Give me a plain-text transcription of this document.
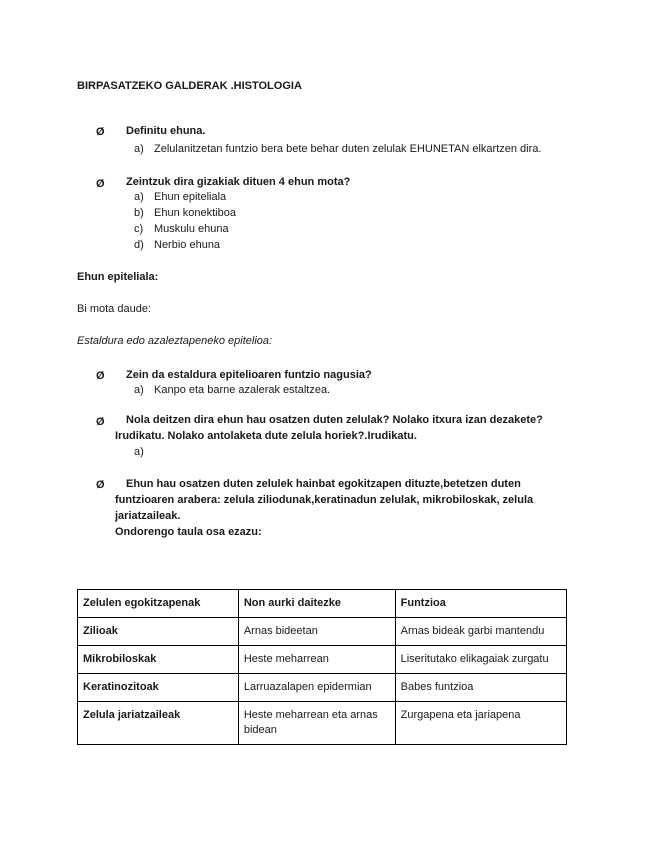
BIRPASATZEKO GALDERAK .HISTOLOGIA
Ø Definitu ehuna.
a) Zelulanitzetan funtzio bera bete behar duten zelulak EHUNETAN elkartzen dira.
Ø Zeintzuk dira gizakiak dituen 4 ehun mota?
a) Ehun epiteliala
b) Ehun konektiboa
c) Muskulu ehuna
d) Nerbio ehuna
Ehun epiteliala:
Bi mota daude:
Estaldura edo azaleztapeneko epitelioa:
Ø Zein da estaldura epitelioaren funtzio nagusia?
a) Kanpo eta barne azalerak estaltzea.
Ø Nola deitzen dira ehun hau osatzen duten zelulak? Nolako itxura izan dezakete?
Irudikatu. Nolako antolaketa dute zelula horiek?.Irudikatu.
a)
Ø Ehun hau osatzen duten zelulek hainbat egokitzapen dituzte,betetzen duten
funtzioaren arabera: zelula ziliodunak,keratinadun zelulak, mikrobiloskak, zelula
jariatzaileak.
Ondorengo taula osa ezazu:
Zelulen egokitzapenak	Non aurki daitezke	Funtzioa
Zilioak	Arnas bideetan	Arnas bideak garbi mantendu
Mikrobiloskak	Heste meharrean	Liseritutako elikagaiak zurgatu
Keratinozitoak	Larruazalapen epidermian	Babes funtzioa
Zelula jariatzaileak	Heste meharrean eta arnas bidean	Zurgapena eta jariapena
